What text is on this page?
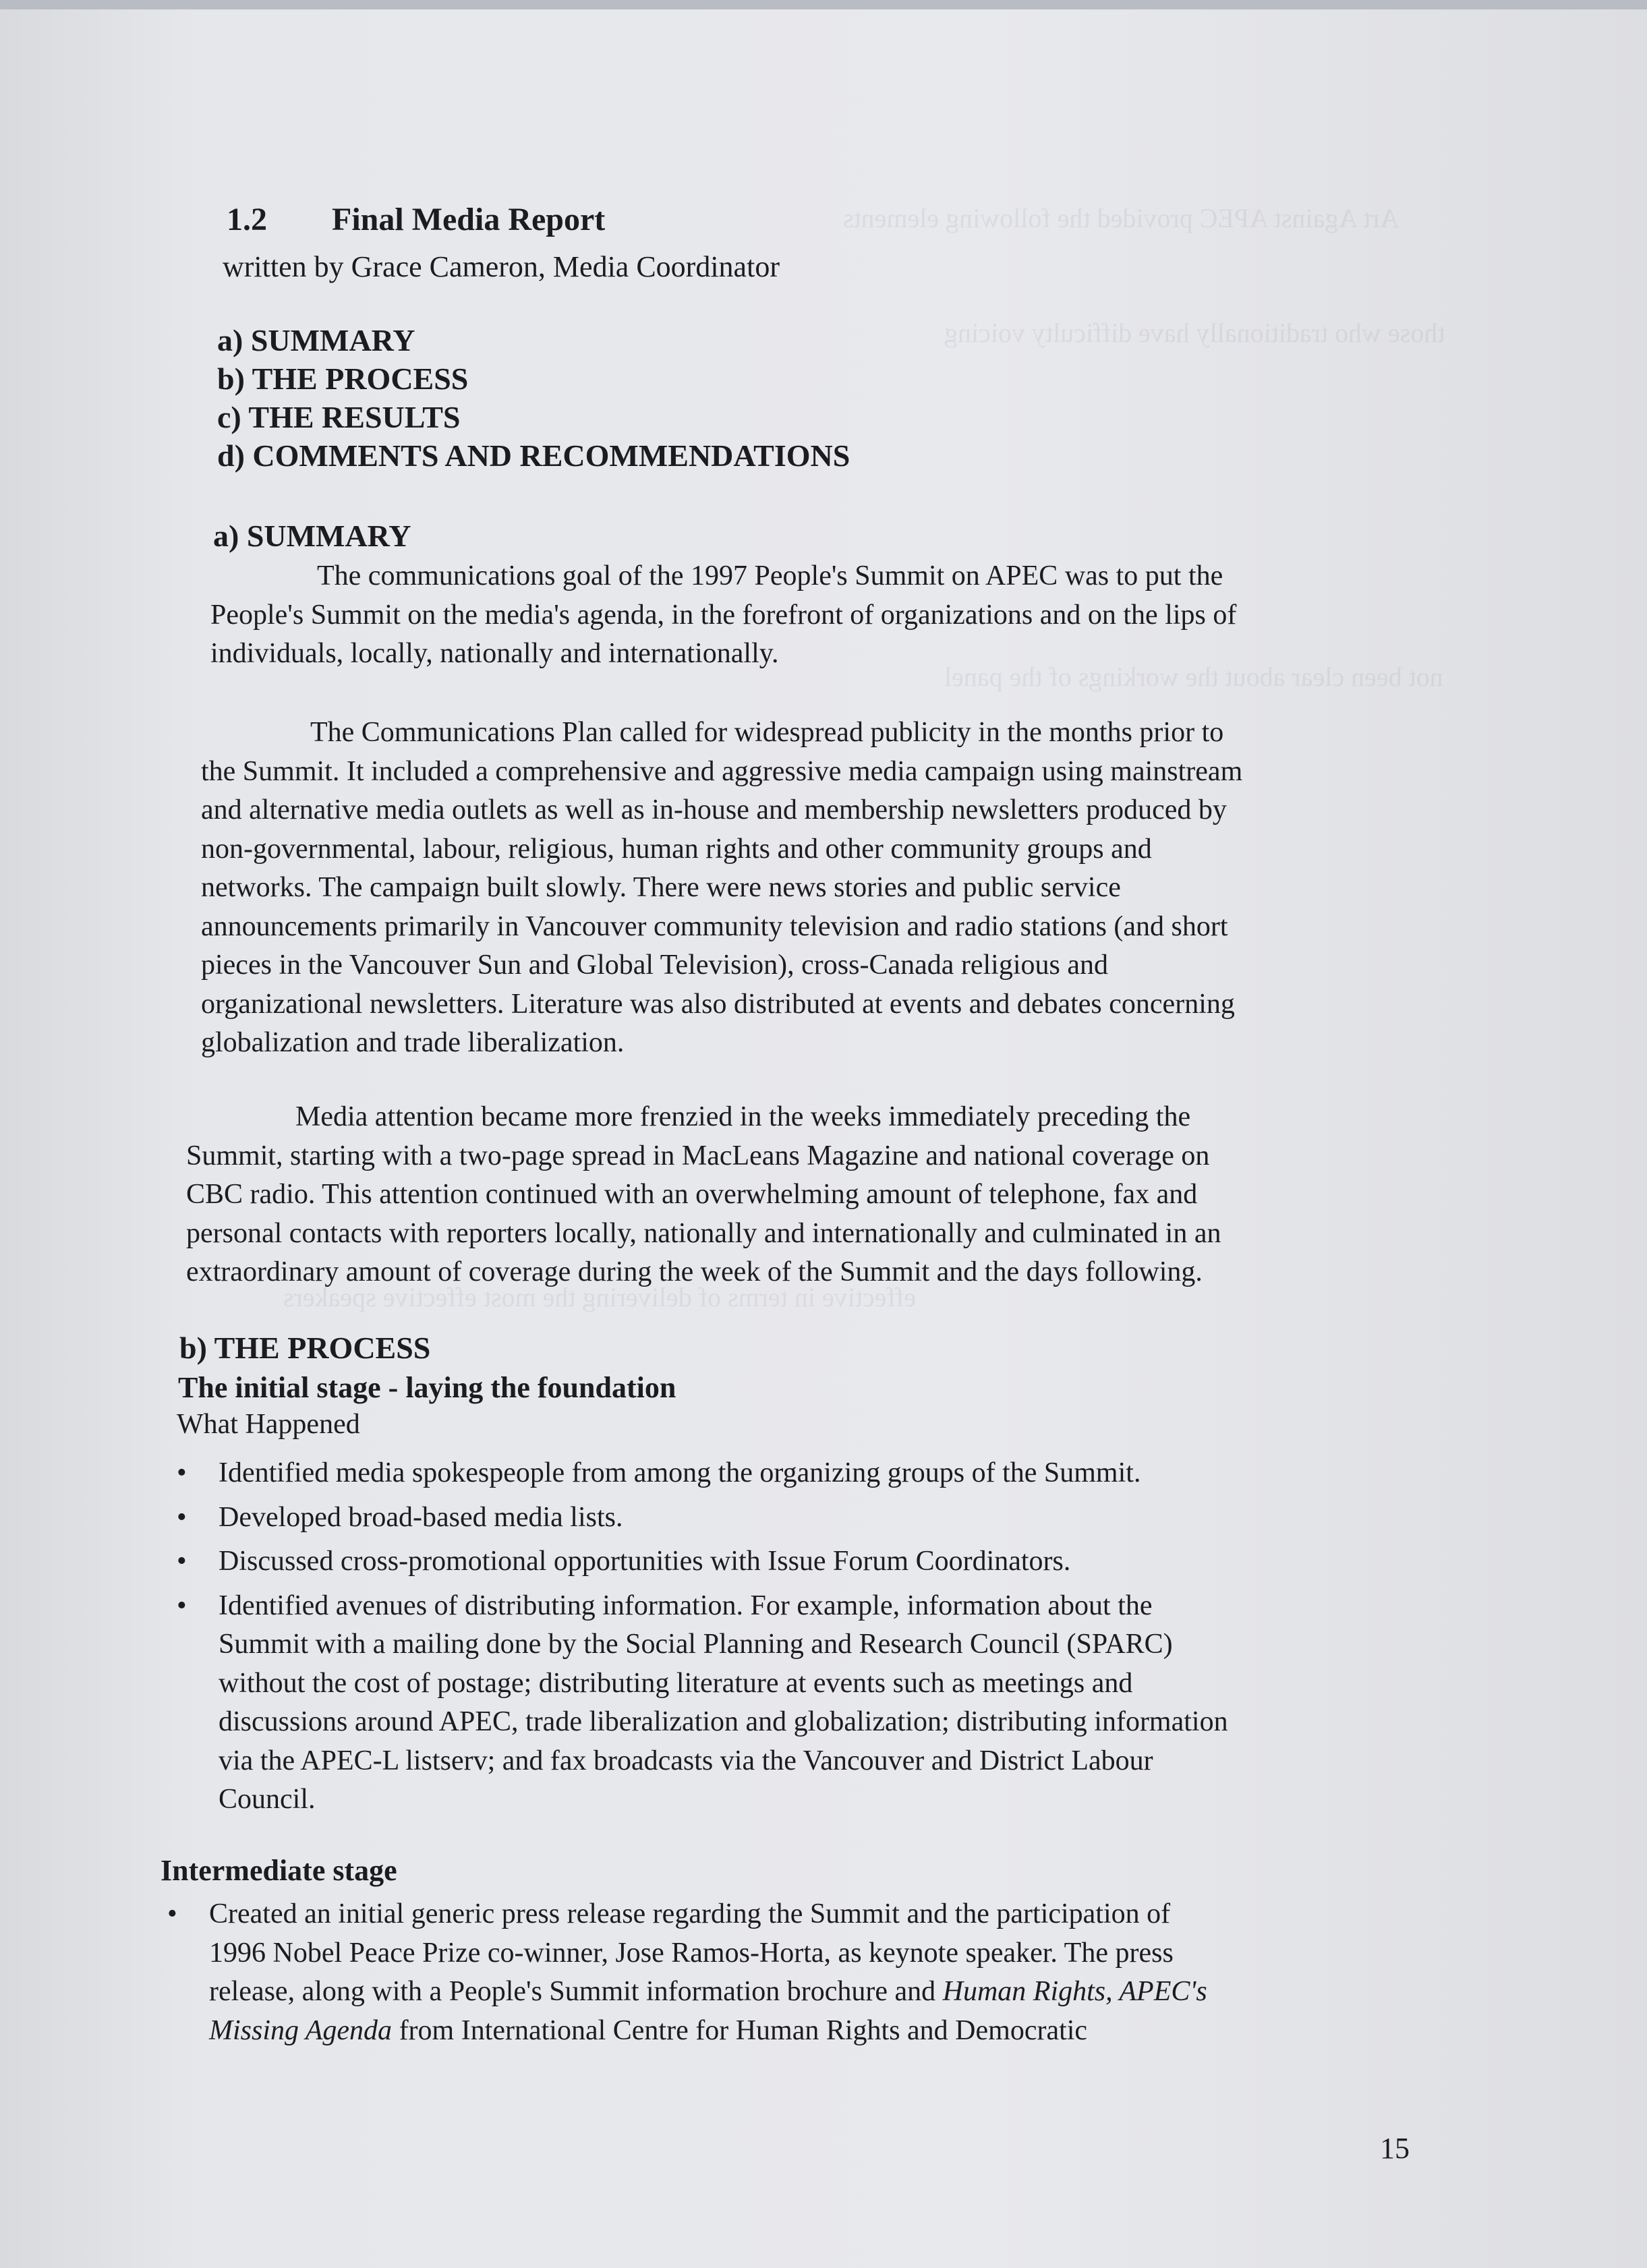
Art Against APEC provided the following elements
those who traditionally have difficulty voicing
not been clear about the workings of the panel
effective in terms of delivering the most effective speakers
1.2 Final Media Report
written by Grace Cameron, Media Coordinator
a) SUMMARY
b) THE PROCESS
c) THE RESULTS
d) COMMENTS AND RECOMMENDATIONS
a) SUMMARY

The communications goal of the 1997 People's Summit on APEC was to put the

People's Summit on the media's agenda, in the forefront of organizations and on the lips of

individuals, locally, nationally and internationally.

The Communications Plan called for widespread publicity in the months prior to

the Summit. It included a comprehensive and aggressive media campaign using mainstream

and alternative media outlets as well as in-house and membership newsletters produced by

non-governmental, labour, religious, human rights and other community groups and

networks. The campaign built slowly. There were news stories and public service

announcements primarily in Vancouver community television and radio stations (and short

pieces in the Vancouver Sun and Global Television), cross-Canada religious and

organizational newsletters. Literature was also distributed at events and debates concerning

globalization and trade liberalization.

Media attention became more frenzied in the weeks immediately preceding the

Summit, starting with a two-page spread in MacLeans Magazine and national coverage on

CBC radio. This attention continued with an overwhelming amount of telephone, fax and

personal contacts with reporters locally, nationally and internationally and culminated in an

extraordinary amount of coverage during the week of the Summit and the days following.

b) THE PROCESS
The initial stage - laying the foundation
What Happened
• Identified media spokespeople from among the organizing groups of the Summit.

• Developed broad-based media lists.

• Discussed cross-promotional opportunities with Issue Forum Coordinators.

• Identified avenues of distributing information. For example, information about the

Summit with a mailing done by the Social Planning and Research Council (SPARC)

without the cost of postage; distributing literature at events such as meetings and

discussions around APEC, trade liberalization and globalization; distributing information

via the APEC-L listserv; and fax broadcasts via the Vancouver and District Labour

Council.

Intermediate stage
• Created an initial generic press release regarding the Summit and the participation of

1996 Nobel Peace Prize co-winner, Jose Ramos-Horta, as keynote speaker. The press

release, along with a People's Summit information brochure and Human Rights, APEC's

Missing Agenda from International Centre for Human Rights and Democratic

15
